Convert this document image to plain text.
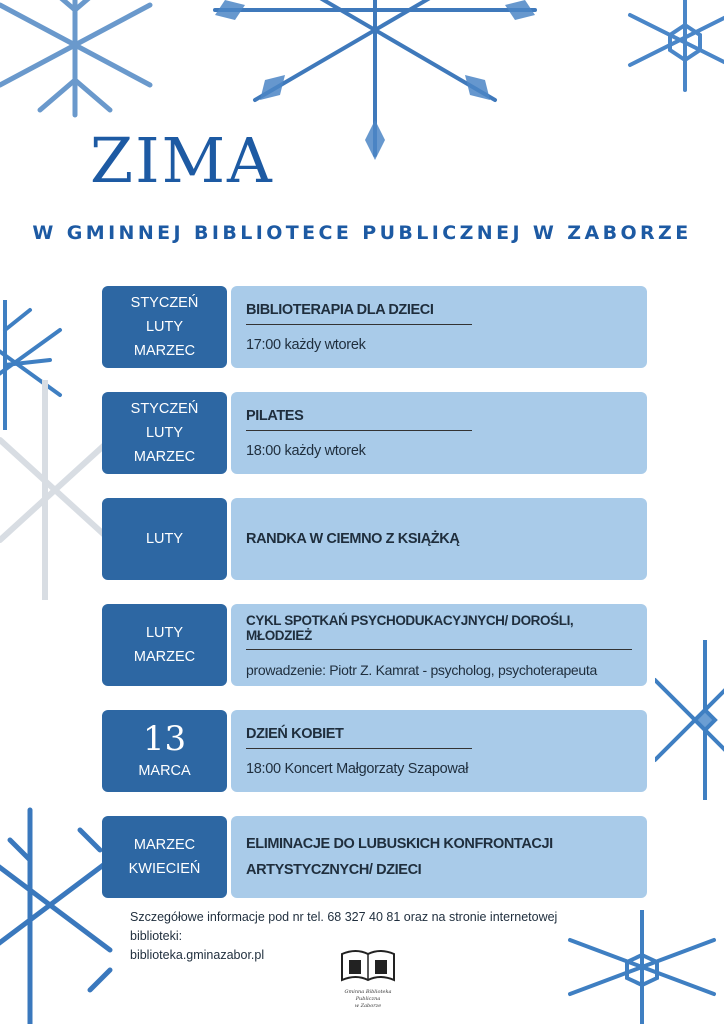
ZIMA
W GMINNEJ BIBLIOTECE PUBLICZNEJ W ZABORZE
STYCZEŃ
LUTY
MARZEC
BIBLIOTERAPIA DLA DZIECI
17:00 każdy wtorek
STYCZEŃ
LUTY
MARZEC
PILATES
18:00 każdy wtorek
LUTY	RANDKA W CIEMNO Z KSIĄŻKĄ
LUTY
MARZEC
CYKL SPOTKAŃ PSYCHODUKACYJNYCH/ DOROŚLI, MŁODZIEŻ
prowadzenie: Piotr Z. Kamrat - psycholog, psychoterapeuta
13
MARCA
DZIEŃ KOBIET
18:00 Koncert Małgorzaty Szapował
MARZEC
KWIECIEŃ
ELIMINACJE DO LUBUSKICH KONFRONTACJI
ARTYSTYCZNYCH/ DZIECI
Szczegółowe informacje pod nr tel. 68 327 40 81 oraz na stronie internetowej biblioteki:
biblioteka.gminazabor.pl
Gminna Biblioteka Publiczna
w Zaborze
